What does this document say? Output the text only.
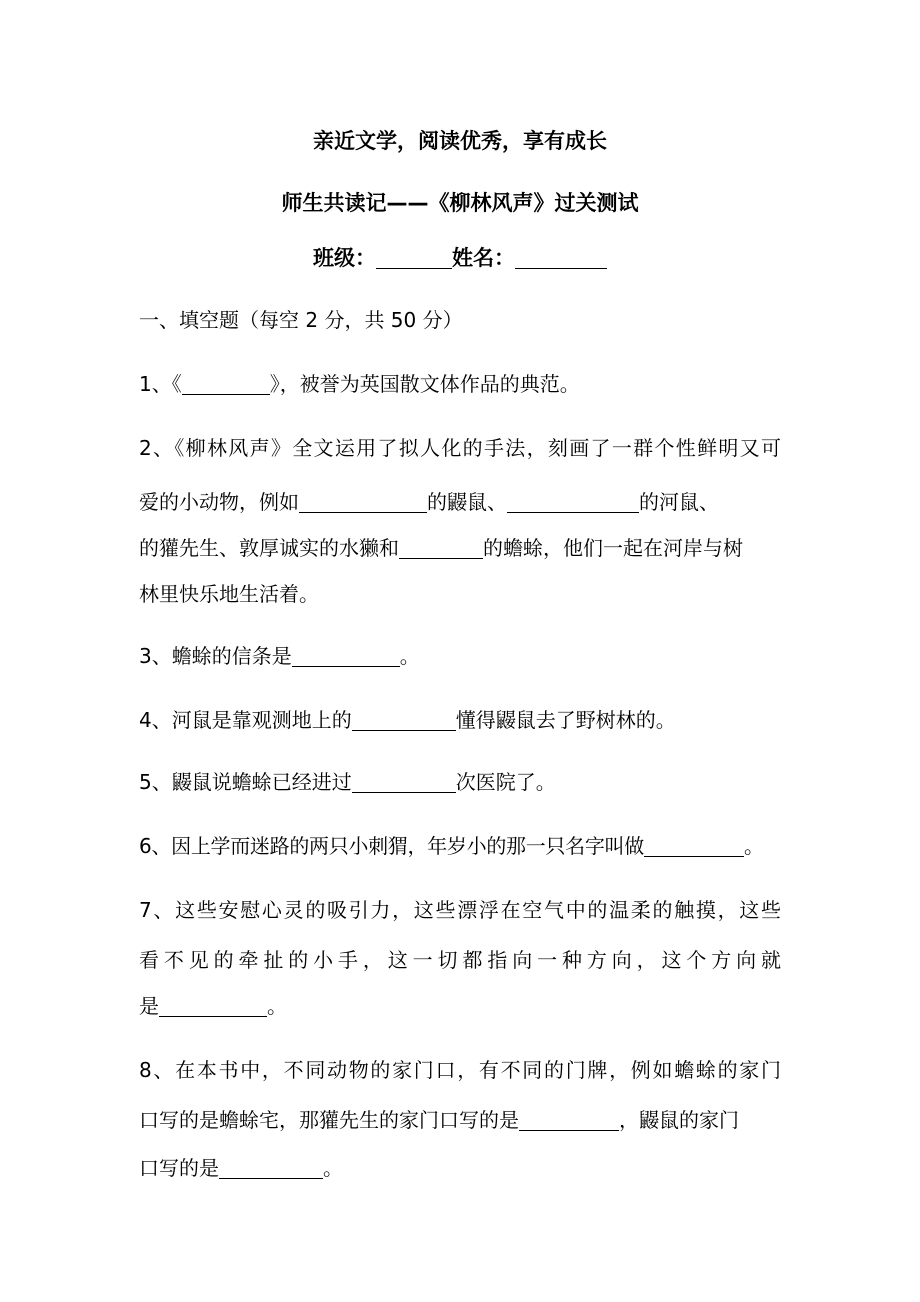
亲近文学，阅读优秀，享有成长
师生共读记——《柳林风声》过关测试
班级：	姓名：
一、填空题（每空 2 分，共 50 分）
1、《	》，被誉为英国散文体作品的典范。
2、《柳林风声》全文运用了拟人化的手法，刻画了一群个性鲜明又可
爱的小动物，例如	的鼹鼠、	的河鼠、
的獾先生、敦厚诚实的水獭和	的蟾蜍，他们一起在河岸与树
林里快乐地生活着。
3、蟾蜍的信条是	。
4、河鼠是靠观测地上的	懂得鼹鼠去了野树林的。
5、鼹鼠说蟾蜍已经进过	次医院了。
6、因上学而迷路的两只小刺猬，年岁小的那一只名字叫做	。
7、这些安慰心灵的吸引力，这些漂浮在空气中的温柔的触摸，这些
看不见的牵扯的小手，这一切都指向一种方向，这个方向就
是	。
8、在本书中，不同动物的家门口，有不同的门牌，例如蟾蜍的家门
口写的是蟾蜍宅，那獾先生的家门口写的是	，鼹鼠的家门
口写的是	。
